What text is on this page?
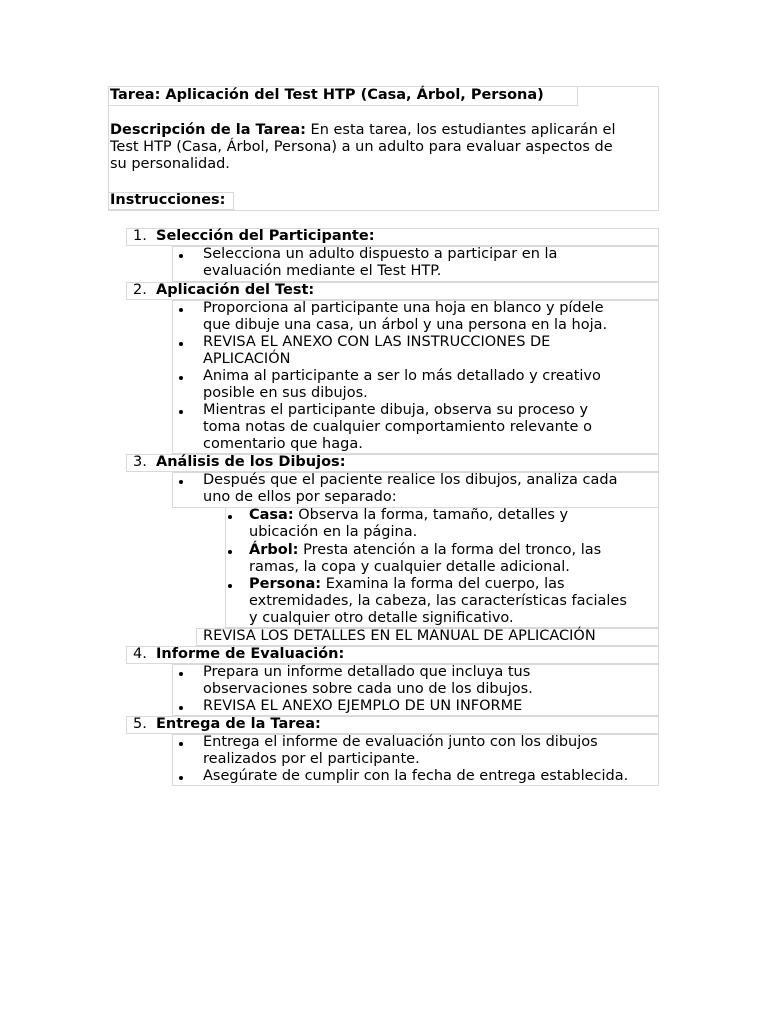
Tarea: Aplicación del Test HTP (Casa, Árbol, Persona)
Descripción de la Tarea: En esta tarea, los estudiantes aplicarán el
Test HTP (Casa, Árbol, Persona) a un adulto para evaluar aspectos de
su personalidad.
Instrucciones:
1. Selección del Participante:
Selecciona un adulto dispuesto a participar en la
evaluación mediante el Test HTP.
2. Aplicación del Test:
Proporciona al participante una hoja en blanco y pídele
que dibuje una casa, un árbol y una persona en la hoja.
REVISA EL ANEXO CON LAS INSTRUCCIONES DE
APLICACIÓN
Anima al participante a ser lo más detallado y creativo
posible en sus dibujos.
Mientras el participante dibuja, observa su proceso y
toma notas de cualquier comportamiento relevante o
comentario que haga.
3. Análisis de los Dibujos:
Después que el paciente realice los dibujos, analiza cada
uno de ellos por separado:
Casa: Observa la forma, tamaño, detalles y
ubicación en la página.
Árbol: Presta atención a la forma del tronco, las
ramas, la copa y cualquier detalle adicional.
Persona: Examina la forma del cuerpo, las
extremidades, la cabeza, las características faciales
y cualquier otro detalle significativo.
REVISA LOS DETALLES EN EL MANUAL DE APLICACIÓN
4. Informe de Evaluación:
Prepara un informe detallado que incluya tus
observaciones sobre cada uno de los dibujos.
REVISA EL ANEXO EJEMPLO DE UN INFORME
5. Entrega de la Tarea:
Entrega el informe de evaluación junto con los dibujos
realizados por el participante.
Asegúrate de cumplir con la fecha de entrega establecida.
